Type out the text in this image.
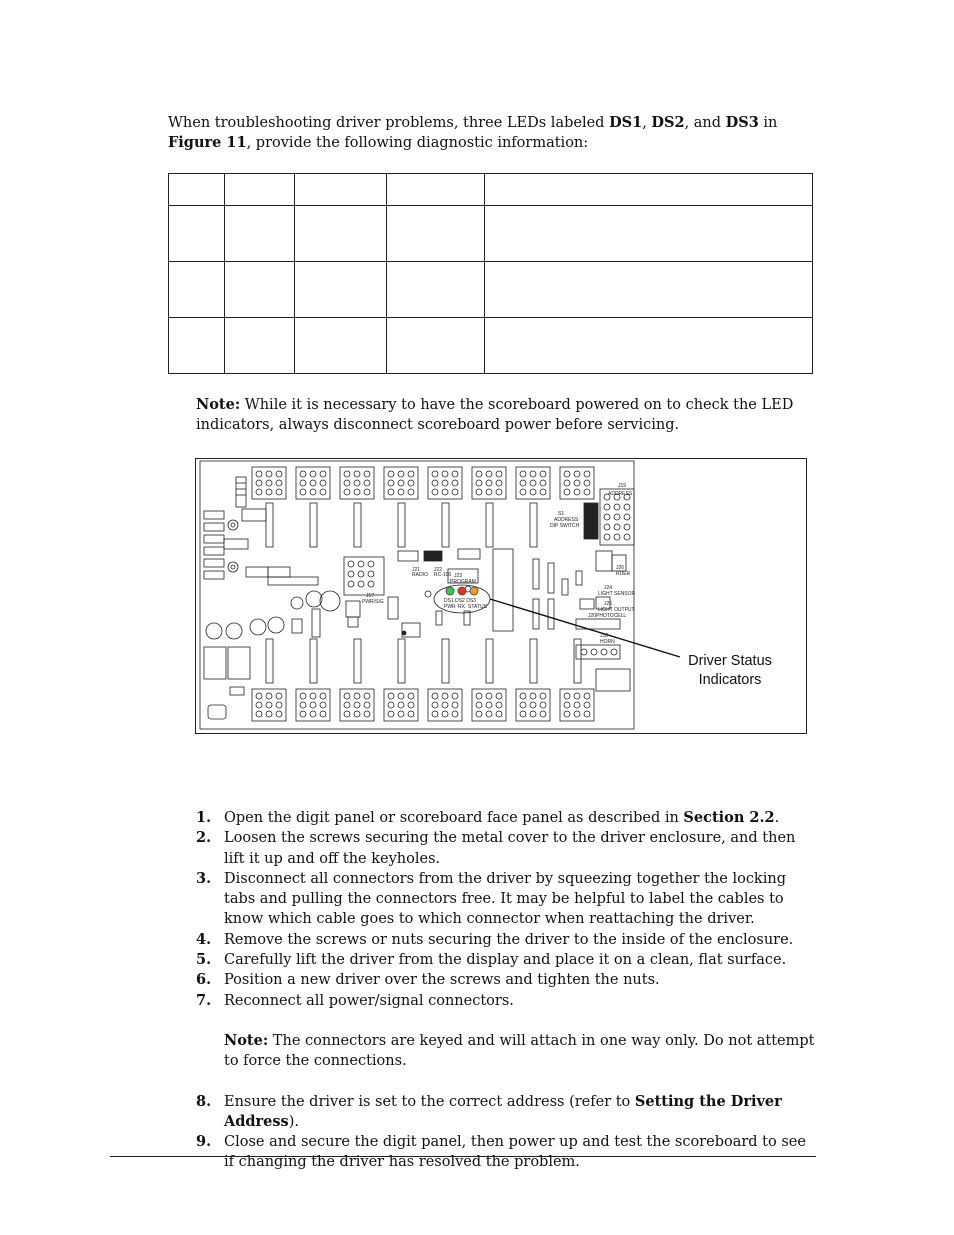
When troubleshooting driver problems, three LEDs labeled DS1, DS2, and DS3 in Figure 11, provide the following diagnostic information:

Note: While it is necessary to have the scoreboard powered on to check the LED indicators, always disconnect scoreboard power before servicing.

J21
RADIO
J22
RC-100 J23
PROGRAM
DS1 DS2 DS3
PWR RX STATUS
J17
PWR/SIG
J19
ADDRESS
S1
ADDRESS
DIP SWITCH
J26
RDER
J24
LIGHT SENSOR
J25
LIGHT OUTPUT
J20 PHOTOCELL
J18
HORN
Driver Status
Indicators
1. Open the digit panel or scoreboard face panel as described in Section 2.2.
2. Loosen the screws securing the metal cover to the driver enclosure, and then lift it up and off the keyholes.
3. Disconnect all connectors from the driver by squeezing together the locking tabs and pulling the connectors free. It may be helpful to label the cables to know which cable goes to which connector when reattaching the driver.
4. Remove the screws or nuts securing the driver to the inside of the enclosure.
5. Carefully lift the driver from the display and place it on a clean, flat surface.
6. Position a new driver over the screws and tighten the nuts.
7. Reconnect all power/signal connectors.
Note: The connectors are keyed and will attach in one way only. Do not attempt to force the connections.
8. Ensure the driver is set to the correct address (refer to Setting the Driver Address).
9. Close and secure the digit panel, then power up and test the scoreboard to see if changing the driver has resolved the problem.
